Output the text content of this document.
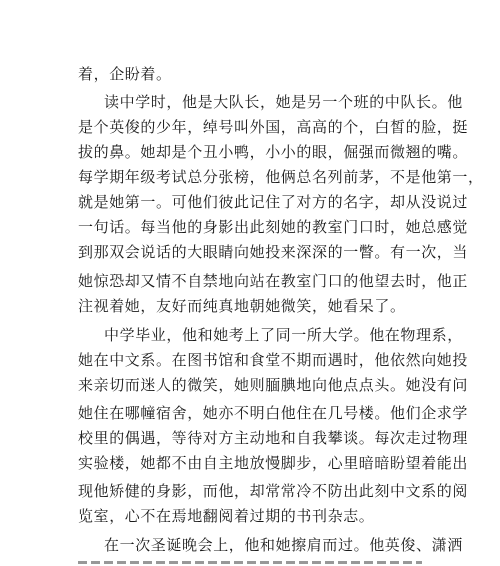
着，企盼着。
读中学时，他是大队长，她是另一个班的中队长。他
是个英俊的少年，绰号叫外国，高高的个，白皙的脸，挺
拔的鼻。她却是个丑小鸭，小小的眼，倔强而微翘的嘴。
每学期年级考试总分张榜，他俩总名列前茅，不是他第一，
就是她第一。可他们彼此记住了对方的名字，却从没说过
一句话。每当他的身影出此刻她的教室门口时，她总感觉
到那双会说话的大眼睛向她投来深深的一瞥。有一次，当
她惊恐却又情不自禁地向站在教室门口的他望去时，他正
注视着她，友好而纯真地朝她微笑，她看呆了。
中学毕业，他和她考上了同一所大学。他在物理系，
她在中文系。在图书馆和食堂不期而遇时，他依然向她投
来亲切而迷人的微笑，她则腼腆地向他点点头。她没有问
她住在哪幢宿舍，她亦不明白他住在几号楼。他们企求学
校里的偶遇，等待对方主动地和自我攀谈。每次走过物理
实验楼，她都不由自主地放慢脚步，心里暗暗盼望着能出
现他矫健的身影，而他，却常常冷不防出此刻中文系的阅
览室，心不在焉地翻阅着过期的书刊杂志。
在一次圣诞晚会上，他和她擦肩而过。他英俊、潇洒
